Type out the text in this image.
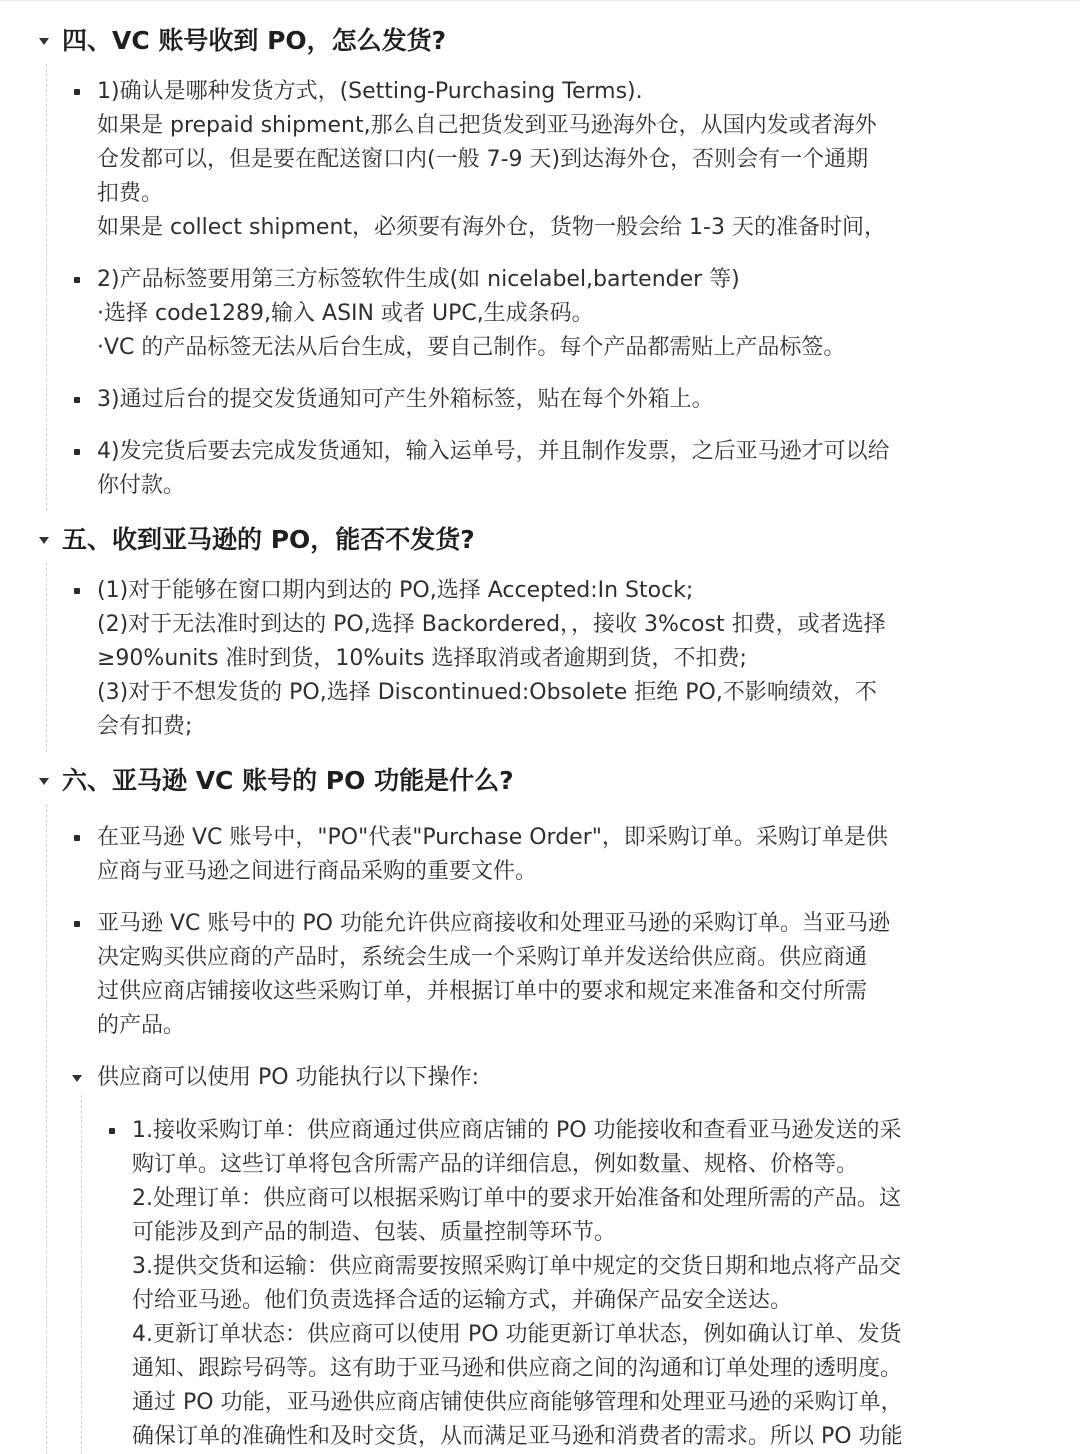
四、VC 账号收到 PO，怎么发货?
1)确认是哪种发货方式，(Setting-Purchasing Terms).
如果是 prepaid shipment,那么自己把货发到亚马逊海外仓，从国内发或者海外
仓发都可以，但是要在配送窗口内(一般 7-9 天)到达海外仓，否则会有一个通期
扣费。
如果是 collect shipment，必须要有海外仓，货物一般会给 1-3 天的准备时间，
2)产品标签要用第三方标签软件生成(如 nicelabel,bartender 等)
·选择 code1289,输入 ASIN 或者 UPC,生成条码。
·VC 的产品标签无法从后台生成，要自己制作。每个产品都需贴上产品标签。
3)通过后台的提交发货通知可产生外箱标签，贴在每个外箱上。
4)发完货后要去完成发货通知，输入运单号，并且制作发票，之后亚马逊才可以给
你付款。
五、收到亚马逊的 PO，能否不发货?
(1)对于能够在窗口期内到达的 PO,选择 Accepted:In Stock;
(2)对于无法准时到达的 PO,选择 Backordered，，接收 3%cost 扣费，或者选择
≥90%units 准时到货，10%uits 选择取消或者逾期到货，不扣费;
(3)对于不想发货的 PO,选择 Discontinued:Obsolete 拒绝 PO,不影响绩效，不
会有扣费;
六、亚马逊 VC 账号的 PO 功能是什么?
在亚马逊 VC 账号中，"PO"代表"Purchase Order"，即采购订单。采购订单是供
应商与亚马逊之间进行商品采购的重要文件。
亚马逊 VC 账号中的 PO 功能允许供应商接收和处理亚马逊的采购订单。当亚马逊
决定购买供应商的产品时，系统会生成一个采购订单并发送给供应商。供应商通
过供应商店铺接收这些采购订单，并根据订单中的要求和规定来准备和交付所需
的产品。
供应商可以使用 PO 功能执行以下操作:
1.接收采购订单：供应商通过供应商店铺的 PO 功能接收和查看亚马逊发送的采
购订单。这些订单将包含所需产品的详细信息，例如数量、规格、价格等。
2.处理订单：供应商可以根据采购订单中的要求开始准备和处理所需的产品。这
可能涉及到产品的制造、包装、质量控制等环节。
3.提供交货和运输：供应商需要按照采购订单中规定的交货日期和地点将产品交
付给亚马逊。他们负责选择合适的运输方式，并确保产品安全送达。
4.更新订单状态：供应商可以使用 PO 功能更新订单状态，例如确认订单、发货
通知、跟踪号码等。这有助于亚马逊和供应商之间的沟通和订单处理的透明度。
通过 PO 功能，亚马逊供应商店铺使供应商能够管理和处理亚马逊的采购订单，
确保订单的准确性和及时交货，从而满足亚马逊和消费者的需求。所以 PO 功能
